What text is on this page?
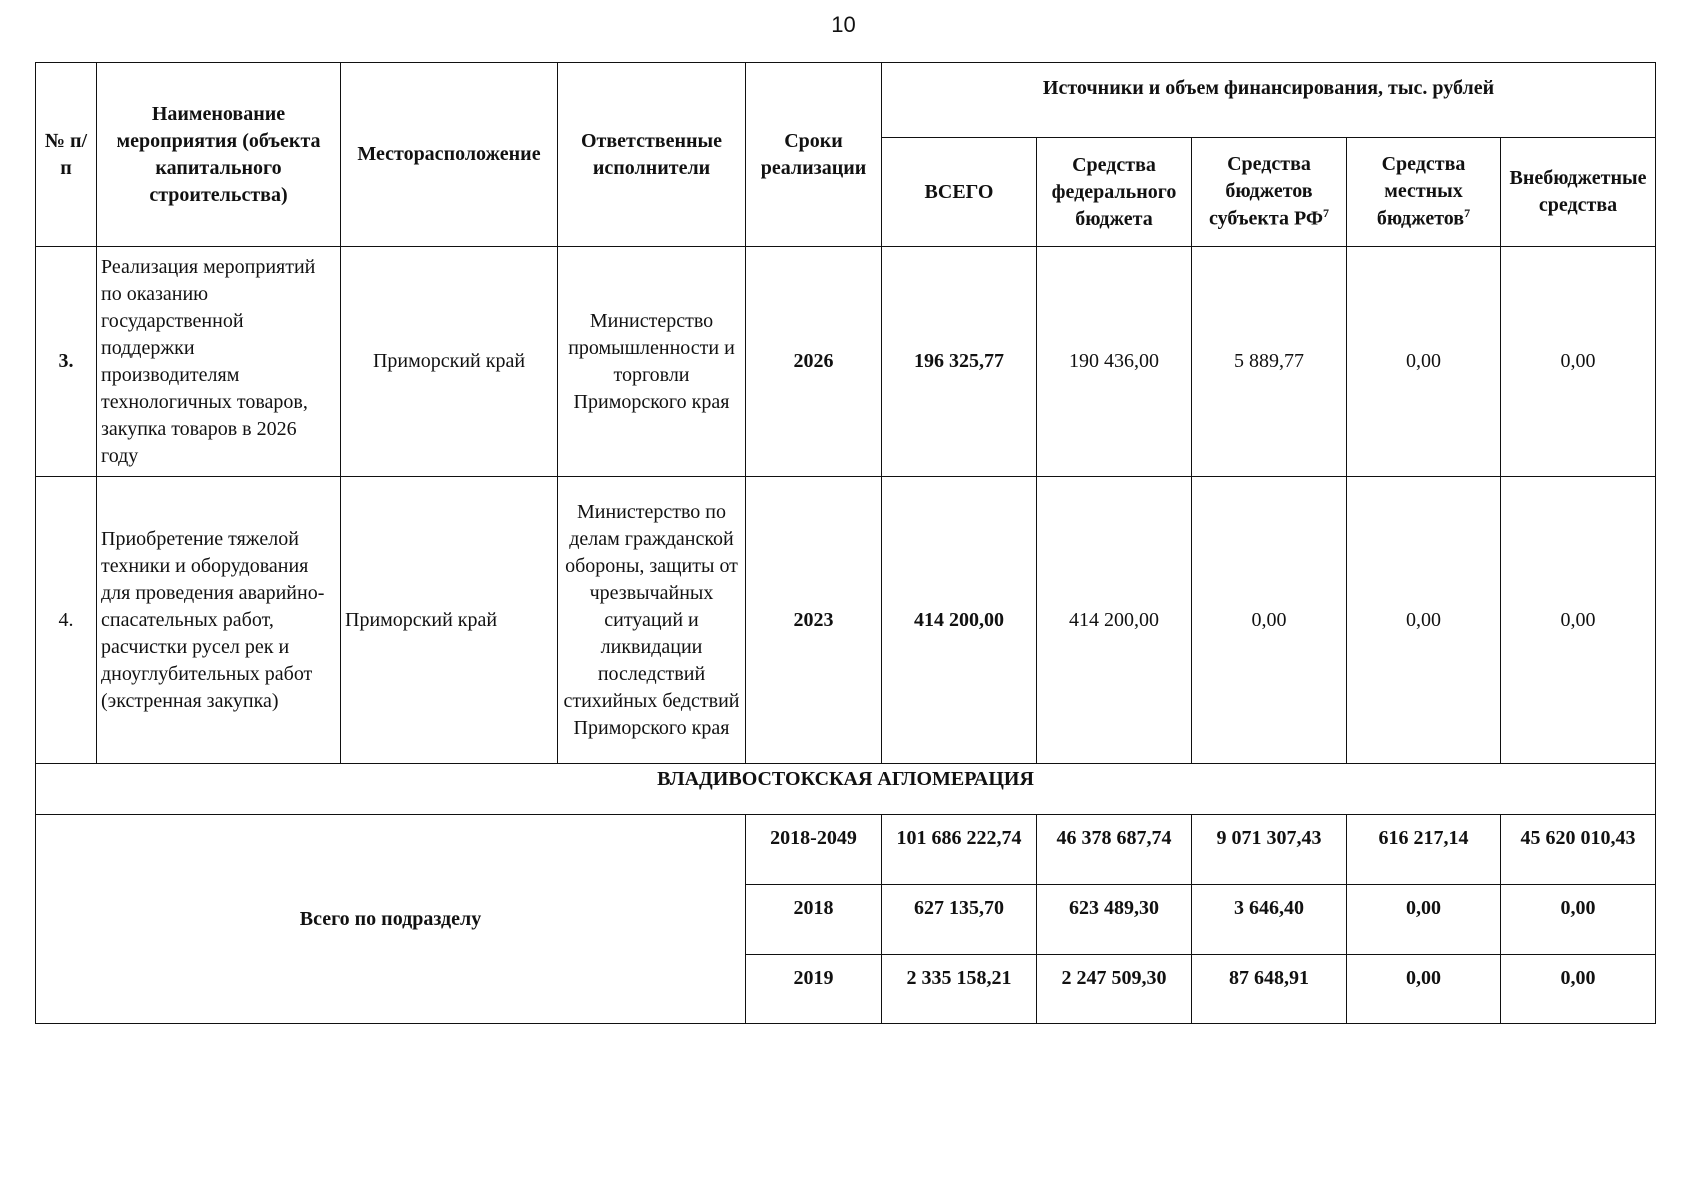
10
№ п/п	Наименование мероприятия (объекта капитального строительства)	Месторасположение	Ответственные исполнители	Сроки реализации	Источники и объем финансирования, тыс. рублей				
					ВСЕГО	Средства федерального бюджета	Средства бюджетов субъекта $РФ^7$	Средства местных бюджетов$^7$	Внебюджетные средства
3.	Реализация мероприятий по оказанию государственной поддержки производителям технологичных товаров, закупка товаров в 2026 году	Приморский край	Министерство промышленности и торговли Приморского края	2026	196 325,77	190 436,00	5 889,77	0,00	0,00
4.	Приобретение тяжелой техники и оборудования для проведения аварийно-спасательных работ, расчистки русел рек и дноуглубительных работ (экстренная закупка)	Приморский край	Министерство по делам гражданской обороны, защиты от чрезвычайных ситуаций и ликвидации последствий стихийных бедствий Приморского края	2023	414 200,00	414 200,00	0,00	0,00	0,00
ВЛАДИВОСТОКСКАЯ АГЛОМЕРАЦИЯ									
Всего по подразделу				2018-2049	101 686 222,74	46 378 687,74	9 071 307,43	616 217,14	45 620 010,43
				2018	627 135,70	623 489,30	3 646,40	0,00	0,00
				2019	2 335 158,21	2 247 509,30	87 648,91	0,00	0,00
